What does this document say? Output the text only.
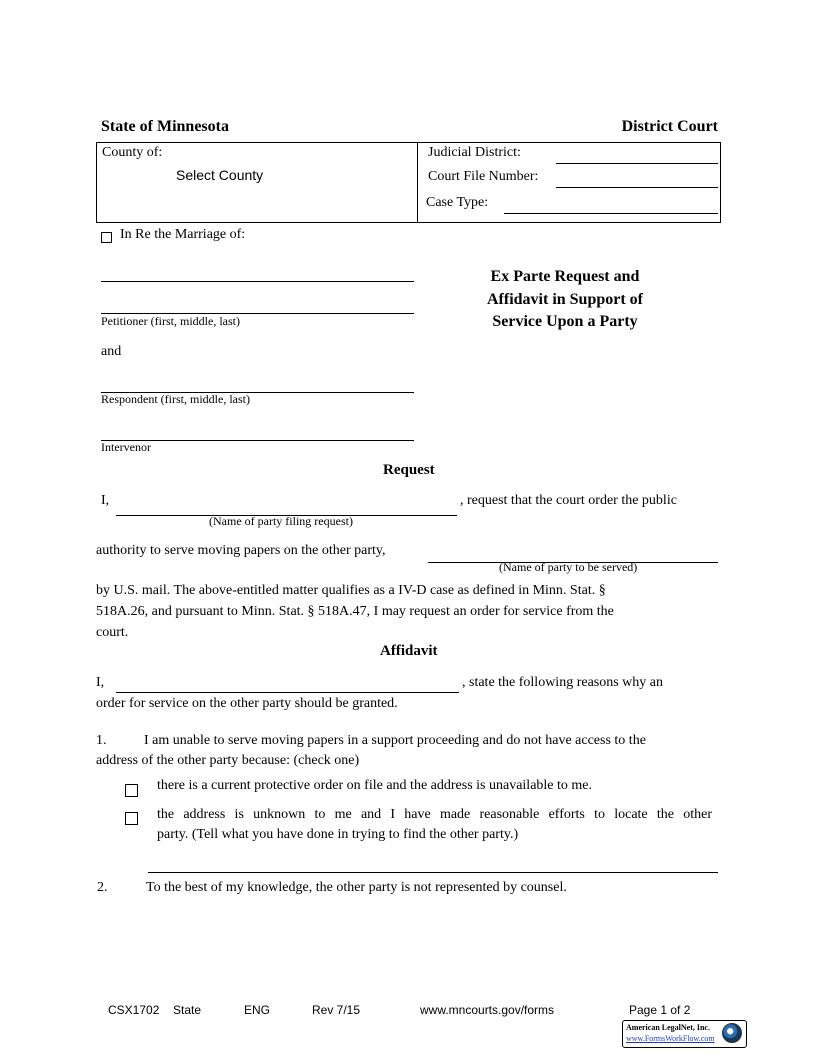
State of Minnesota	District Court
County of:
Select County
Judicial District:
Court File Number:
Case Type:
In Re the Marriage of:
Petitioner (first, middle, last)
and
Respondent (first, middle, last)
Intervenor
Ex Parte Request and
Affidavit in Support of
Service Upon a Party
Request
I,	, request that the court order the public
(Name of party filing request)
authority to serve moving papers on the other party,
(Name of party to be served)
by U.S. mail. The above-entitled matter qualifies as a IV-D case as defined in Minn. Stat. §
518A.26, and pursuant to Minn. Stat. § 518A.47, I may request an order for service from the
court.
Affidavit
I,	, state the following reasons why an
order for service on the other party should be granted.
1.	I am unable to serve moving papers in a support proceeding and do not have access to the
address of the other party because: (check one)
there is a current protective order on file and the address is unavailable to me.
the address is unknown to me and I have made reasonable efforts to locate the other
party. (Tell what you have done in trying to find the other party.)
2.	To the best of my knowledge, the other party is not represented by counsel.
CSX1702 State	ENG	Rev 7/15	www.mncourts.gov/forms	Page 1 of 2
American LegalNet, Inc.
www.FormsWorkFlow.com
